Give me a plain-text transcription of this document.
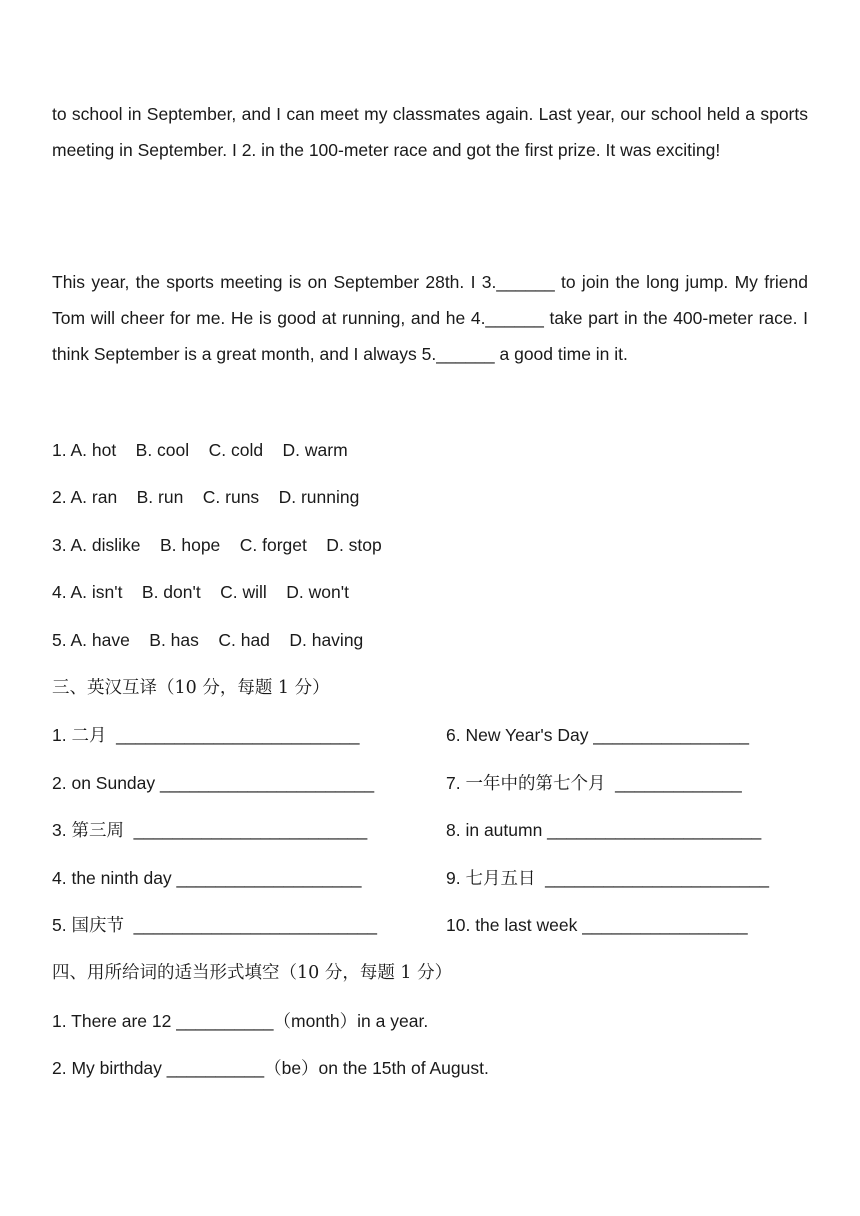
to school in September, and I can meet my classmates again. Last year, our school held a sports meeting in September. I 2. in the 100-meter race and got the first prize. It was exciting!

This year, the sports meeting is on September 28th. I 3.______ to join the long jump. My friend Tom will cheer for me. He is good at running, and he 4.______ take part in the 400-meter race. I think September is a great month, and I always 5.______ a good time in it.

1. A. hot    B. cool    C. cold    D. warm

2. A. ran    B. run    C. runs    D. running

3. A. dislike    B. hope    C. forget    D. stop

4. A. isn't    B. don't    C. will    D. won't

5. A. have    B. has    C. had    D. having

三、英汉互译（10 分，每题 1 分）

1. 二月  _________________________	6. New Year's Day ________________

2. on Sunday ______________________	7. 一年中的第七个月  _____________

3. 第三周  ________________________	8. in autumn ______________________

4. the ninth day ___________________	9. 七月五日  _______________________

5. 国庆节  _________________________	10. the last week _________________

四、用所给词的适当形式填空（10 分，每题 1 分）

1. There are 12 __________（month）in a year.

2. My birthday __________（be）on the 15th of August.
